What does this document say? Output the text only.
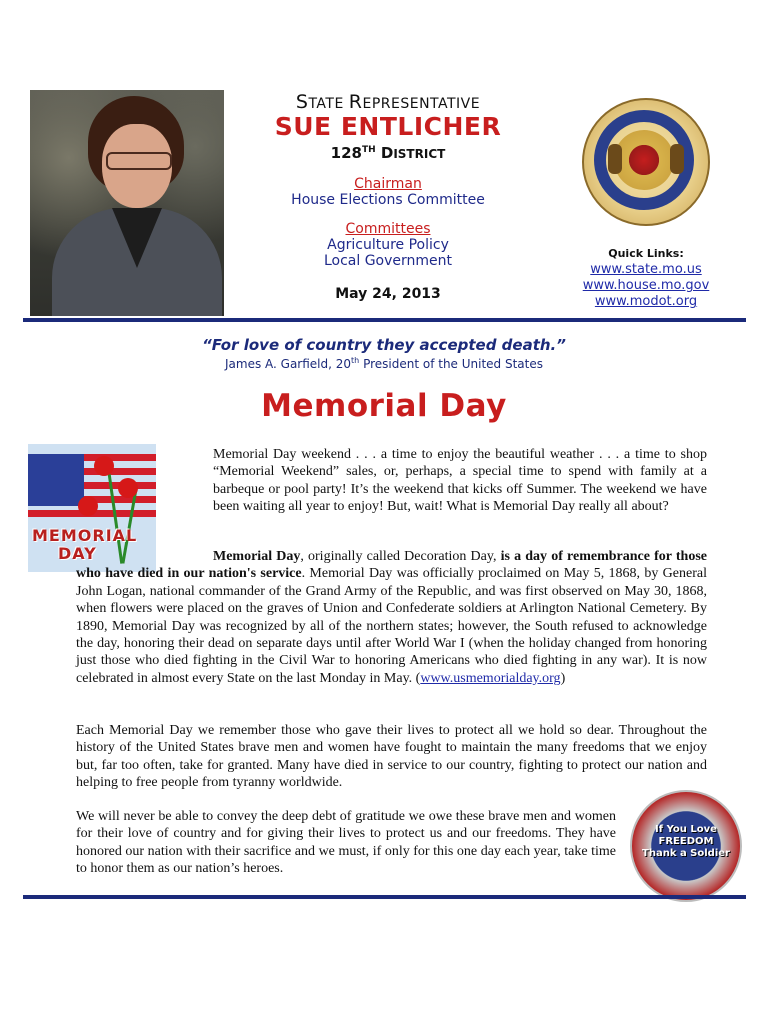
STATE REPRESENTATIVE
SUE ENTLICHER
128TH DISTRICT
Chairman
House Elections Committee
Committees
Agriculture Policy
Local Government
May 24, 2013
Quick Links:
www.state.mo.us
www.house.mo.gov
www.modot.org
“For love of country they accepted death.”
James A. Garfield, 20th President of the United States
Memorial Day
MEMORIAL
DAY
Memorial Day weekend . . . a time to enjoy the beautiful weather . . . a time to shop “Memorial Weekend” sales, or, perhaps, a special time to spend with family at a barbeque or pool party! It’s the weekend that kicks off Summer. The weekend we have been waiting all year to enjoy! But, wait! What is Memorial Day really all about?
Memorial Day, originally called Decoration Day, is a day of remembrance for those who have died in our nation's service. Memorial Day was officially proclaimed on May 5, 1868, by General John Logan, national commander of the Grand Army of the Republic, and was first observed on May 30, 1868, when flowers were placed on the graves of Union and Confederate soldiers at Arlington National Cemetery. By 1890, Memorial Day was recognized by all of the northern states; however, the South refused to acknowledge the day, honoring their dead on separate days until after World War I (when the holiday changed from honoring just those who died fighting in the Civil War to honoring Americans who died fighting in any war). It is now celebrated in almost every State on the last Monday in May. (www.usmemorialday.org)
Each Memorial Day we remember those who gave their lives to protect all we hold so dear. Throughout the history of the United States brave men and women have fought to maintain the many freedoms that we enjoy but, far too often, take for granted. Many have died in service to our country, fighting to protect our nation and helping to free people from tyranny worldwide.
We will never be able to convey the deep debt of gratitude we owe these brave men and women for their love of country and for giving their lives to protect us and our freedoms. They have honored our nation with their sacrifice and we must, if only for this one day each year, take time to honor them as our nation’s heroes.
If You Love FREEDOM Thank a Soldier
